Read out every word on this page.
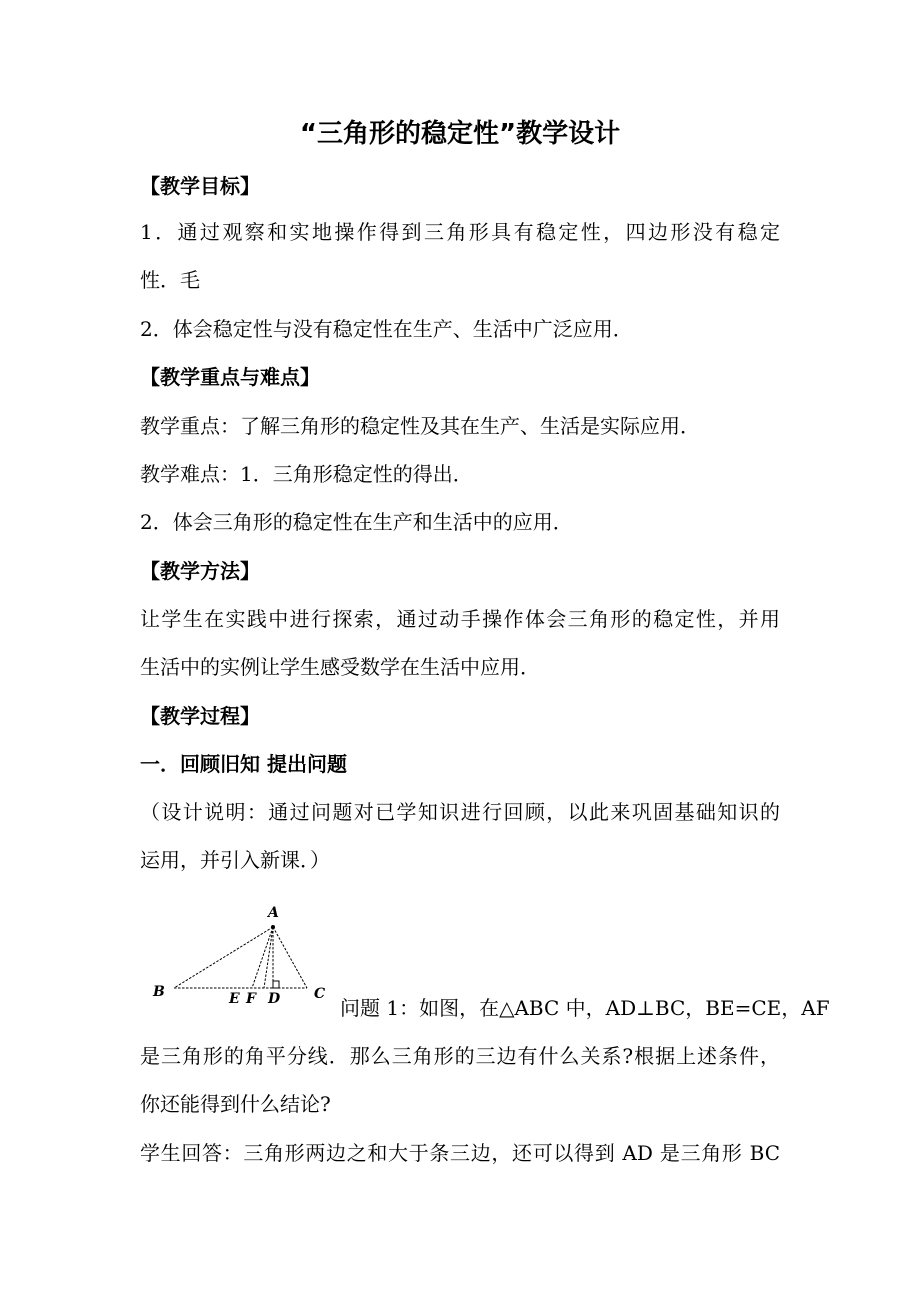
“三角形的稳定性”教学设计
【教学目标】
1．通过观察和实地操作得到三角形具有稳定性，四边形没有稳定
性．毛
2．体会稳定性与没有稳定性在生产、生活中广泛应用．
【教学重点与难点】
教学重点：了解三角形的稳定性及其在生产、生活是实际应用．
教学难点：1．三角形稳定性的得出．
2．体会三角形的稳定性在生产和生活中的应用．
【教学方法】
让学生在实践中进行探索，通过动手操作体会三角形的稳定性，并用
生活中的实例让学生感受数学在生活中应用．
【教学过程】
一．回顾旧知 提出问题
（设计说明：通过问题对已学知识进行回顾，以此来巩固基础知识的
运用，并引入新课．）
A
B	C
D
E F	问题 1：如图，在△ABC 中，AD⊥BC，BE=CE，AF
是三角形的角平分线．那么三角形的三边有什么关系?根据上述条件，
你还能得到什么结论?
学生回答：三角形两边之和大于条三边，还可以得到 AD 是三角形 BC
